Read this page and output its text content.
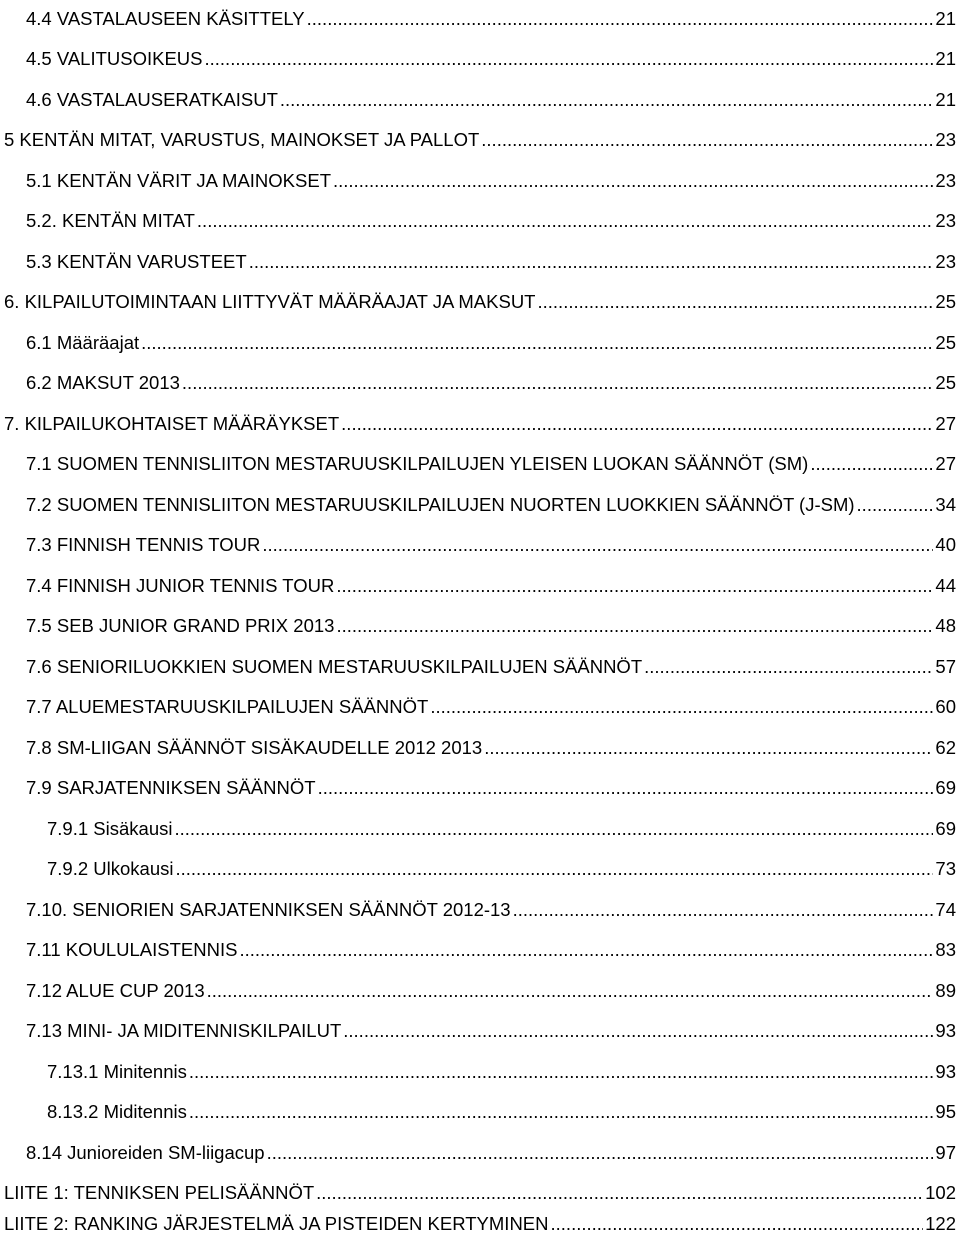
4.4 VASTALAUSEEN KÄSITTELY .....	21
4.5 VALITUSOIKEUS .....	21
4.6 VASTALAUSERATKAISUT .....	21
5 KENTÄN MITAT, VARUSTUS, MAINOKSET JA PALLOT .....	23
5.1 KENTÄN VÄRIT JA MAINOKSET .....	23
5.2. KENTÄN MITAT .....	23
5.3 KENTÄN VARUSTEET .....	23
6. KILPAILUTOIMINTAAN LIITTYVÄT MÄÄRÄAJAT JA MAKSUT .....	25
6.1 Määräajat .....	25
6.2 MAKSUT 2013 .....	25
7. KILPAILUKOHTAISET MÄÄRÄYKSET .....	27
7.1 SUOMEN TENNISLIITON MESTARUUSKILPAILUJEN YLEISEN LUOKAN SÄÄNNÖT (SM) .....	27
7.2 SUOMEN TENNISLIITON MESTARUUSKILPAILUJEN NUORTEN LUOKKIEN SÄÄNNÖT (J-SM) .....	34
7.3 FINNISH TENNIS TOUR .....	40
7.4 FINNISH JUNIOR TENNIS TOUR .....	44
7.5 SEB JUNIOR GRAND PRIX 2013 .....	48
7.6 SENIORILUOKKIEN SUOMEN MESTARUUSKILPAILUJEN SÄÄNNÖT .....	57
7.7 ALUEMESTARUUSKILPAILUJEN SÄÄNNÖT .....	60
7.8 SM-LIIGAN SÄÄNNÖT SISÄKAUDELLE 2012 2013 .....	62
7.9 SARJATENNIKSEN SÄÄNNÖT .....	69
7.9.1 Sisäkausi .....	69
7.9.2 Ulkokausi .....	73
7.10. SENIORIEN SARJATENNIKSEN SÄÄNNÖT 2012-13 .....	74
7.11 KOULULAISTENNIS .....	83
7.12 ALUE CUP 2013 .....	89
7.13 MINI- JA MIDITENNISKILPAILUT .....	93
7.13.1 Minitennis .....	93
8.13.2 Miditennis .....	95
8.14 Junioreiden SM-liigacup .....	97
LIITE 1: TENNIKSEN PELISÄÄNNÖT .....	102
LIITE 2: RANKING JÄRJESTELMÄ JA PISTEIDEN KERTYMINEN .....	122
